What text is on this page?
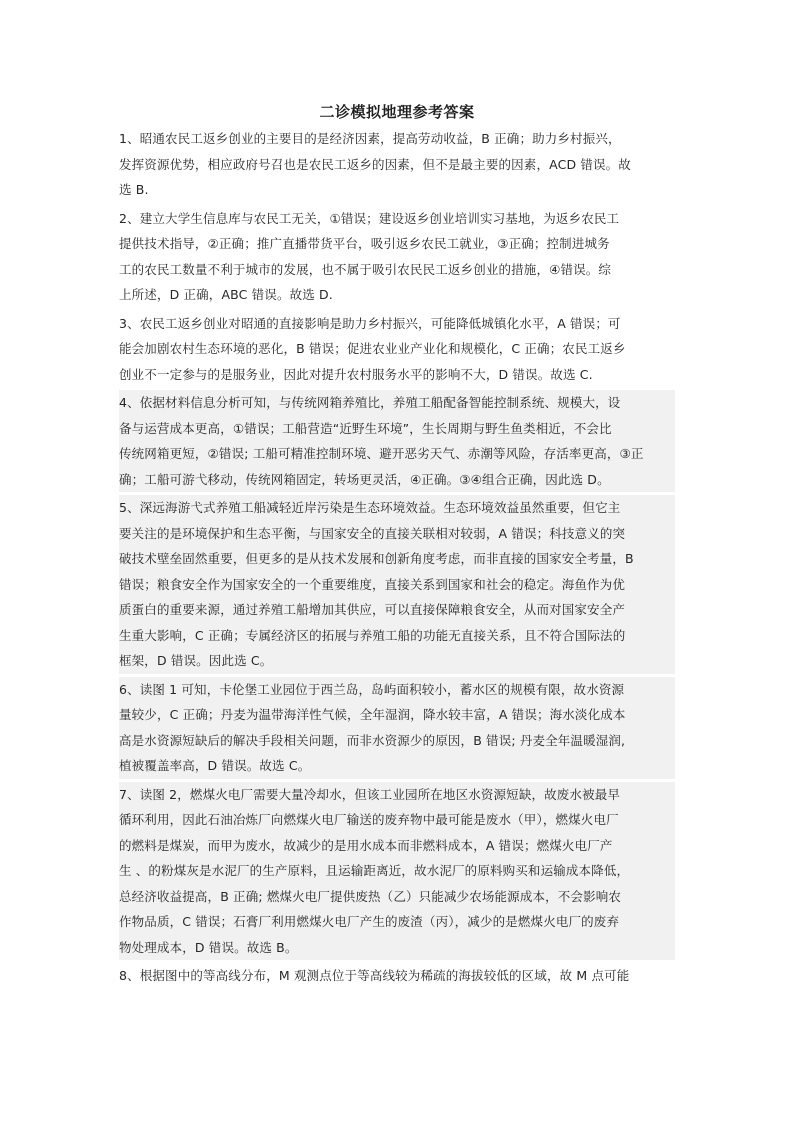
二诊模拟地理参考答案
1、昭通农民工返乡创业的主要目的是经济因素，提高劳动收益，B 正确；助力乡村振兴，
发挥资源优势，相应政府号召也是农民工返乡的因素，但不是最主要的因素，ACD 错误。故
选 B.
2、建立大学生信息库与农民工无关，①错误；建设返乡创业培训实习基地，为返乡农民工
提供技术指导，②正确；推广直播带货平台，吸引返乡农民工就业，③正确；控制进城务
工的农民工数量不利于城市的发展，也不属于吸引农民民工返乡创业的措施，④错误。综
上所述，D 正确，ABC 错误。故选 D.
3、农民工返乡创业对昭通的直接影响是助力乡村振兴，可能降低城镇化水平，A 错误；可
能会加剧农村生态环境的恶化，B 错误；促进农业业产业化和规模化，C 正确；农民工返乡
创业不一定参与的是服务业，因此对提升农村服务水平的影响不大，D 错误。故选 C.
4、依据材料信息分析可知，与传统网箱养殖比，养殖工船配备智能控制系统、规模大，设
备与运营成本更高，①错误；工船营造“近野生环境”，生长周期与野生鱼类相近，不会比
传统网箱更短，②错误; 工船可精准控制环境、避开恶劣天气、赤潮等风险，存活率更高，③正
确；工船可游弋移动，传统网箱固定，转场更灵活，④正确。③④组合正确，因此选 D。
5、深远海游弋式养殖工船减轻近岸污染是生态环境效益。生态环境效益虽然重要，但它主
要关注的是环境保护和生态平衡，与国家安全的直接关联相对较弱，A 错误；科技意义的突
破技术壁垒固然重要，但更多的是从技术发展和创新角度考虑，而非直接的国家安全考量，B
错误；粮食安全作为国家安全的一个重要维度，直接关系到国家和社会的稳定。海鱼作为优
质蛋白的重要来源，通过养殖工船增加其供应，可以直接保障粮食安全，从而对国家安全产
生重大影响，C 正确；专属经济区的拓展与养殖工船的功能无直接关系，且不符合国际法的
框架，D 错误。因此选 C。
6、读图 1 可知，卡伦堡工业园位于西兰岛，岛屿面积较小，蓄水区的规模有限，故水资源
量较少，C 正确；丹麦为温带海洋性气候，全年湿润，降水较丰富，A 错误；海水淡化成本
高是水资源短缺后的解决手段相关问题，而非水资源少的原因，B 错误; 丹麦全年温暖湿润,
植被覆盖率高，D 错误。故选 C。
7、读图 2，燃煤火电厂需要大量冷却水，但该工业园所在地区水资源短缺，故废水被最早
循环利用，因此石油冶炼厂向燃煤火电厂输送的废弃物中最可能是废水（甲），燃煤火电厂
的燃料是煤炭，而甲为废水，故减少的是用水成本而非燃料成本，A 错误；燃煤火电厂产
生 、的粉煤灰是水泥厂的生产原料，且运输距离近，故水泥厂的原料购买和运输成本降低，
总经济收益提高，B 正确; 燃煤火电厂提供废热（乙）只能减少农场能源成本，不会影响农
作物品质，C 错误；石膏厂利用燃煤火电厂产生的废渣（丙），减少的是燃煤火电厂的废弃
物处理成本，D 错误。故选 B。
8、根据图中的等高线分布，M 观测点位于等高线较为稀疏的海拔较低的区域，故 M 点可能
